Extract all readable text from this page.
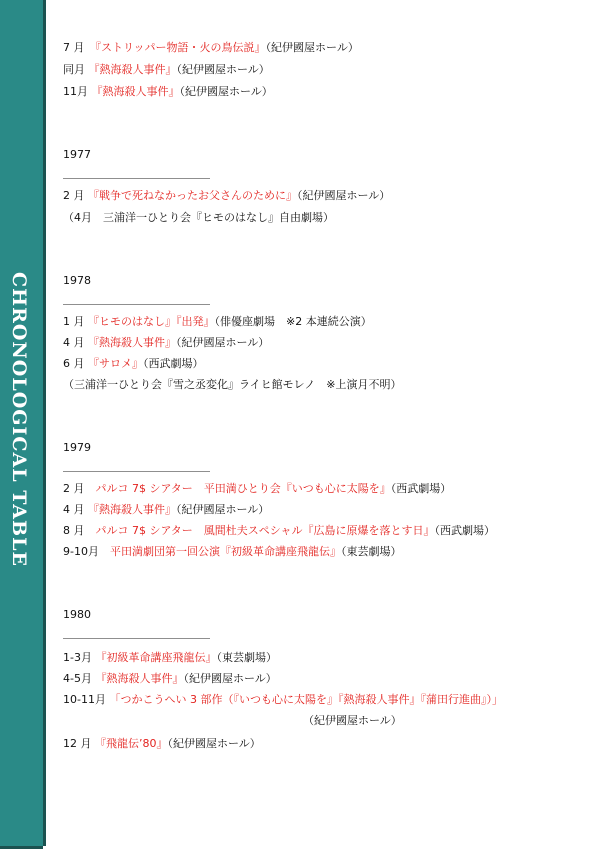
CHRONOLOGICAL TABLE
7 月　『ストリッパー物語・火の鳥伝説』（紀伊國屋ホール）
同月 『熱海殺人事件』（紀伊國屋ホール）
11月 『熱海殺人事件』（紀伊國屋ホール）
1977
2 月 『戦争で死ねなかったお父さんのために』（紀伊國屋ホール）
（4月　三浦洋一ひとり会『ヒモのはなし』自由劇場）
1978
1 月 『ヒモのはなし』『出発』（俳優座劇場　※2 本連続公演）
4 月 『熱海殺人事件』（紀伊國屋ホール）
6 月 『サロメ』（西武劇場）
（三浦洋一ひとり会『雪之丞変化』ライヒ館モレノ　※上演月不明）
1979
2 月　パルコ 7$ シアター　平田満ひとり会『いつも心に太陽を』（西武劇場）
4 月 『熱海殺人事件』（紀伊國屋ホール）
8 月　パルコ 7$ シアター　風間杜夫スペシャル『広島に原爆を落とす日』（西武劇場）
9-10月　平田満劇団第一回公演『初級革命講座飛龍伝』（東芸劇場）
1980
1-3月 『初級革命講座飛龍伝』（東芸劇場）
4-5月 『熱海殺人事件』（紀伊國屋ホール）
10-11月 「つかこうへい 3 部作（『いつも心に太陽を』『熱海殺人事件』『蒲田行進曲』）」
（紀伊國屋ホール）
12 月 『飛龍伝’80』（紀伊國屋ホール）
